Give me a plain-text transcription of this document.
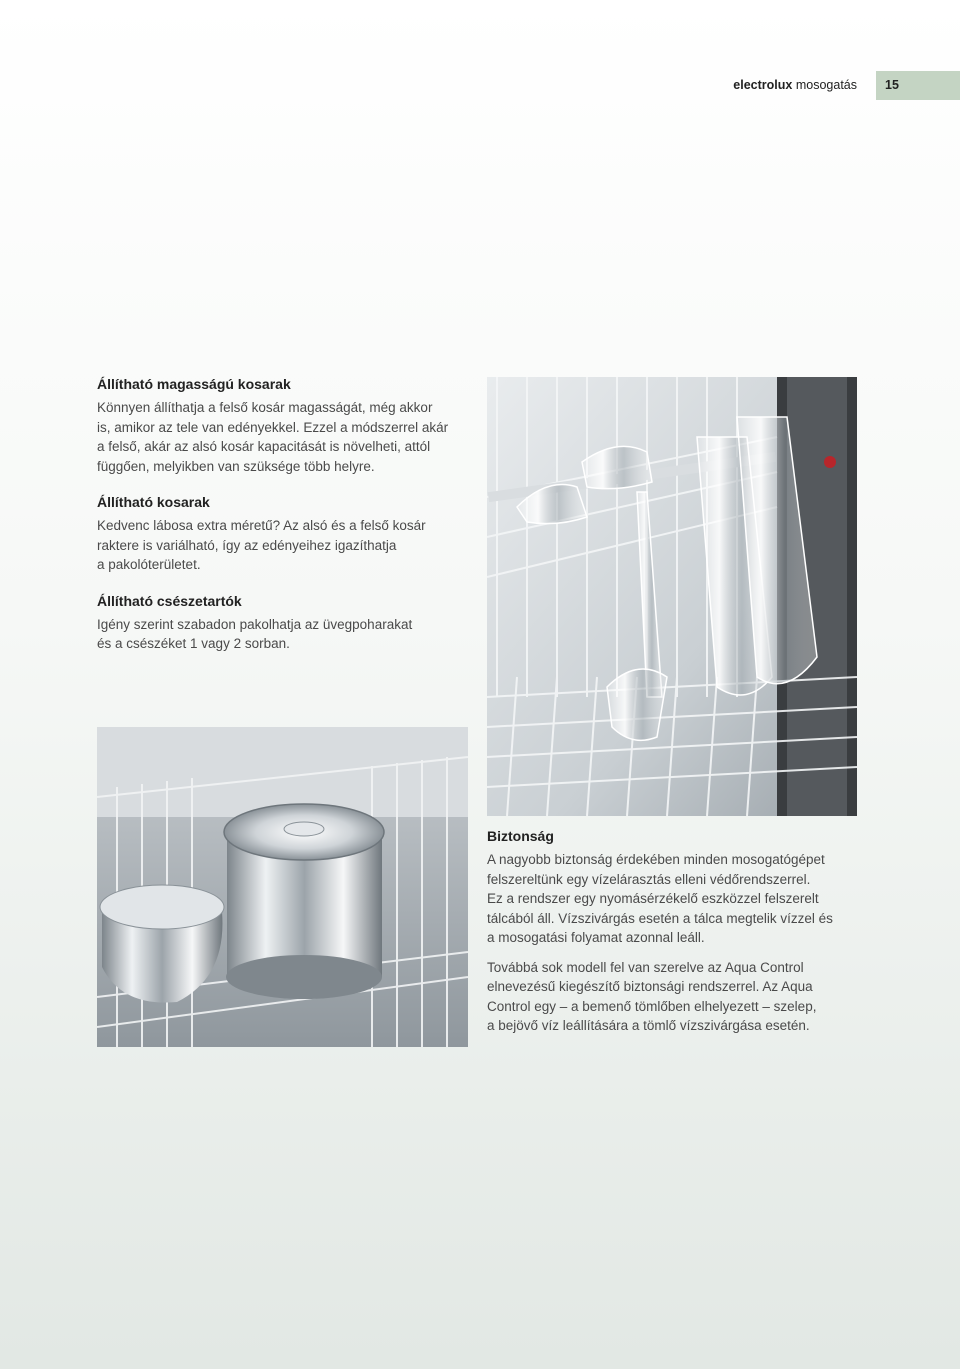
electrolux mosogatás	15
Állítható magasságú kosarak

Könnyen állíthatja a felső kosár magasságát, még akkor
is, amikor az tele van edényekkel. Ezzel a módszerrel akár
a felső, akár az alsó kosár kapacitását is növelheti, attól
függően, melyikben van szüksége több helyre.

Állítható kosarak

Kedvenc lábosa extra méretű? Az alsó és a felső kosár
raktere is variálható, így az edényeihez igazíthatja
a pakolóterületet.

Állítható csészetartók

Igény szerint szabadon pakolhatja az üvegpoharakat
és a csészéket 1 vagy 2 sorban.

Biztonság

A nagyobb biztonság érdekében minden mosogatógépet
felszereltünk egy vízelárasztás elleni védőrendszerrel.
Ez a rendszer egy nyomásérzékelő eszközzel felszerelt
tálcából áll. Vízszivárgás esetén a tálca megtelik vízzel és
a mosogatási folyamat azonnal leáll.

Továbbá sok modell fel van szerelve az Aqua Control
elnevezésű kiegészítő biztonsági rendszerrel. Az Aqua
Control egy – a bemenő tömlőben elhelyezett – szelep,
a bejövő víz leállítására a tömlő vízszivárgása esetén.
